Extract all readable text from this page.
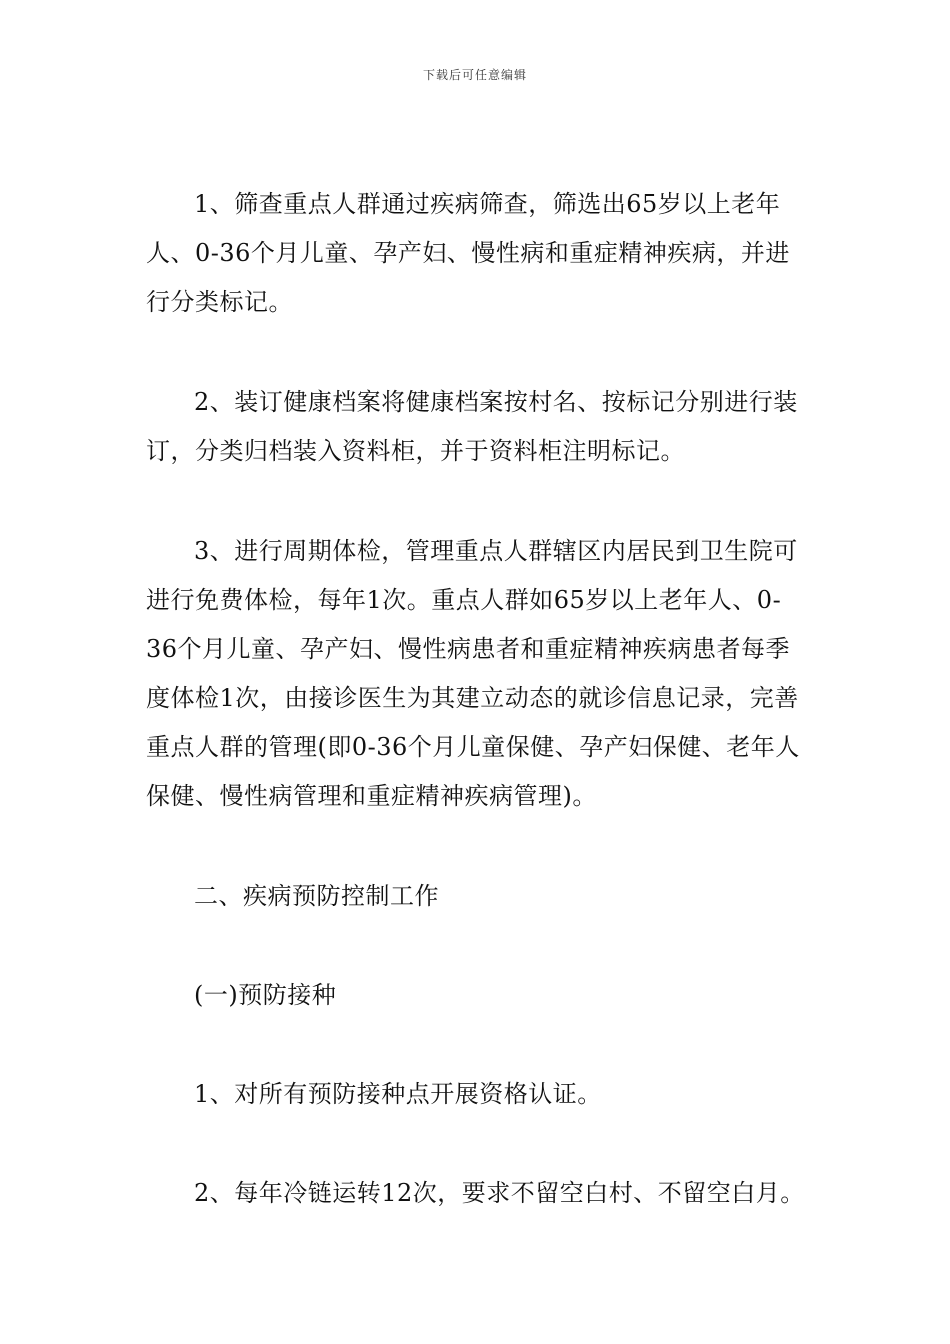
下载后可任意编辑

1、筛查重点人群通过疾病筛查，筛选出65岁以上老年人、0-36个月儿童、孕产妇、慢性病和重症精神疾病，并进行分类标记。

2、装订健康档案将健康档案按村名、按标记分别进行装订，分类归档装入资料柜，并于资料柜注明标记。

3、进行周期体检，管理重点人群辖区内居民到卫生院可进行免费体检，每年1次。重点人群如65岁以上老年人、0-36个月儿童、孕产妇、慢性病患者和重症精神疾病患者每季度体检1次，由接诊医生为其建立动态的就诊信息记录，完善重点人群的管理(即0-36个月儿童保健、孕产妇保健、老年人保健、慢性病管理和重症精神疾病管理)。

二、疾病预防控制工作

(一)预防接种

1、对所有预防接种点开展资格认证。

2、每年冷链运转12次，要求不留空白村、不留空白月。
